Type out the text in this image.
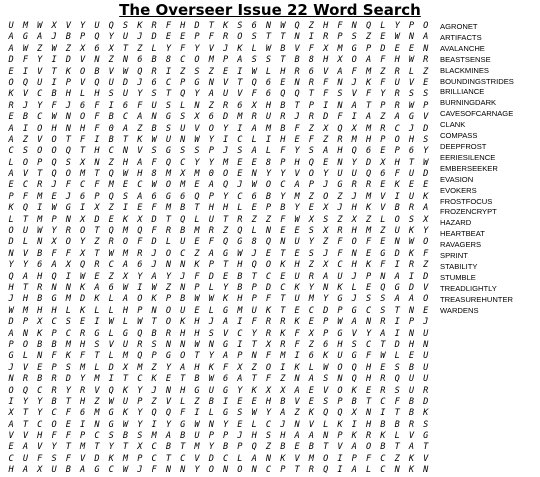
The Overseer Issue 22 Word Search
U M W X V Y U Q S K R F H D T K S 6 N W Q Z H F N Q L Y P O
A G A J B P Q Y U J D E E P F R O S T T N I R P S Z E W N A
A W Z W Z X 6 X T Z L Y F Y V J K L W B V F X M G P D E E N
D F Y I D V N Z N 6 B 8 C O M P A S S T B 8 H X O A F H W R
E I V T K O B V W Q R I Z S Z E I W L H R 6 V A F M Z R L Z
O Q U I P V Q U D J 6 C P G N V T Q 6 E N R F N J K F U V E
K V C B H L H S U Y S T Q Y A U V F 6 Q Q T F S V F Y R S S
R J Y F J 6 F I 6 F U S L N Z R 6 X H B T P I N A T P R W P
E B C W N O F B C A N G S X 6 D M R U R J R D F I A Z A G V
A I O H N H F 0 A Z B S U V O Y I A M B F Z X Q X M R C J D
A Z V O T F I B T K W U N W Y I C L I H E F Z R M H P O H S
C S O O Q T H C N V S G S S P J S A L F Y S A H Q 6 E P 6 Y
L O P Q S X N Z H A F Q C Y Y M E E 8 P H Q E N Y D X H T W
A V T Q O M T Q W H 8 M X M 0 O E N Y Y V O Y U U Q 6 F U D
E C R J F C F M E C W O M E A Q J W O C A P J G R R E K E E
P F M E J 6 P Q S A 6 G 6 Q P Y C 6 B Y M Z O Z J M V I U K
K Q I W G I X Z I E F M B T H H L E P B Y E X J H K V B R A
L T M P N X D E K X D T Q L U T R Z Z F W X S Z X Z L O S X
O U W Y R O T Q M Q F R B M R Z Q L N E E S X R H M Z U K Y
D L N X O Y Z R O F D L U E F Q G 8 Q N U Y Z F O F E N W O
N V B F F X T W M R J O C Z A G W J E T E S J F N E G D K F
Y Y 6 A X Q R C A 6 J N N K P T H Q O K H Z X C H K F I R Z
Q A H Q I W E Z X Y A Y J F D E B T C E U R A U J P N A I D
H T R N N K A 6 W I W Z N P L Y B P D C K Y N K L E Q G D V
J H B G M D K L A O K P B W W K H P F T U M Y G J S S A A O
W M H H L K L L H P N O U E L G M U K T E C D P G C S T N E
D P X C S E I W L W T O K H J A I F R R K E P W A N R I P J
A N K P C R G L G Q B R H H S V C Y R K F X P G V Y A I N U
P O B B M H S V U R S N N W N G I T X R F Z 6 H S C T D H N
G L N F K F T L M Q P G O T Y A P N F M I 6 K U G F W L E U
J V E P S M L D X M Z Y A H K F X Z O I K L W O Q H E S B U
N R B R D Y M I T C K E T B W 6 A T F Z N A S N Q H R Q U U
O Q C R Y R V Q K Y J N H G U G Y K X X A E V O K E R S U R
I Y Y B T H Z W U P Z V L Z B I E E H B V E S P B T C F B D
X T Y C F 6 M G K Y Q Q F I L G S W Y A Z K Q Q X N I T B K
A T C O E I N G W Y I Y G W N Y E L C J N V L K I H B B R S
V V H F F P C S B S M A B U P P J H S H A A N P K R K L V G
E A V Y T M T Y T X C B T M Y B P Q Z B E B T V A O B T A T
C U F S F V D K M P C T C V D C L A N K V M O I P F C Z K V
H A X U B A G C W J F N N Y O N O N C P T R Q I A L C N K N
AGRONET
ARTIFACTS
AVALANCHE
BEASTSENSE
BLACKMINES
BOUNDINGSTRIDES
BRILLIANCE
BURNINGDARK
CAVESOFCARNAGE
CLANK
COMPASS
DEEPFROST
EERIESILENCE
EMBERSEEKER
EVASION
EVOKERS
FROSTFOCUS
FROZENCRYPT
HAZARD
HEARTBEAT
RAVAGERS
SPRINT
STABILITY
STUMBLE
TREADLIGHTLY
TREASUREHUNTER
WARDENS
